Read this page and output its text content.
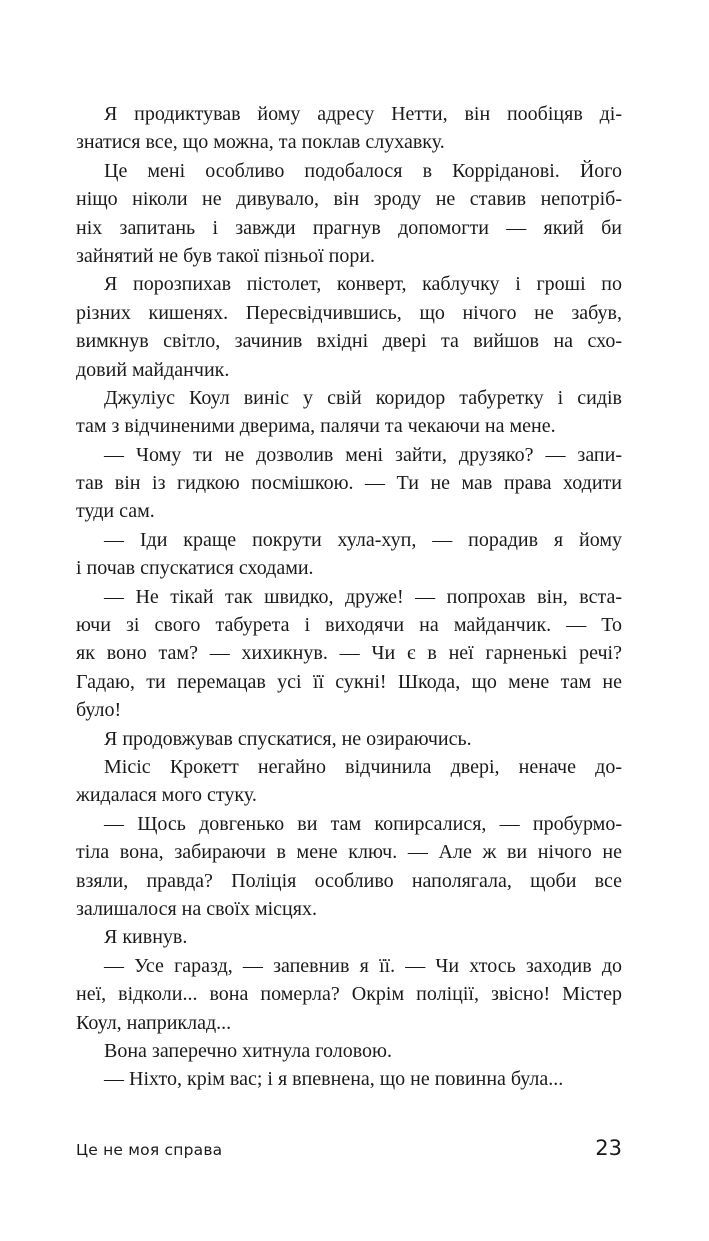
Я продиктував йому адресу Нетти, він пообіцяв ді-
знатися все, що можна, та поклав слухавку.
Це мені особливо подобалося в Корріданові. Його
ніщо ніколи не дивувало, він зроду не ставив непотріб-
ніх запитань і завжди прагнув допомогти — який би
зайнятий не був такої пізньої пори.
Я порозпихав пістолет, конверт, каблучку і гроші по
різних кишенях. Пересвідчившись, що нічого не забув,
вимкнув світло, зачинив вхідні двері та вийшов на схо-
довий майданчик.
Джуліус Коул виніс у свій коридор табуретку і сидів
там з відчиненими дверима, палячи та чекаючи на мене.
— Чому ти не дозволив мені зайти, друзяко? — запи-
тав він із гидкою посмішкою. — Ти не мав права ходити
туди сам.
— Іди краще покрути хула-хуп, — порадив я йому
і почав спускатися сходами.
— Не тікай так швидко, друже! — попрохав він, вста-
ючи зі свого табурета і виходячи на майданчик. — То
як воно там? — хихикнув. — Чи є в неї гарненькі речі?
Гадаю, ти перемацав усі її сукні! Шкода, що мене там не
було!
Я продовжував спускатися, не озираючись.
Місіс Крокетт негайно відчинила двері, неначе до-
жидалася мого стуку.
— Щось довгенько ви там копирсалися, — пробурмо-
тіла вона, забираючи в мене ключ. — Але ж ви нічого не
взяли, правда? Поліція особливо наполягала, щоби все
залишалося на своїх місцях.
Я кивнув.
— Усе гаразд, — запевнив я її. — Чи хтось заходив до
неї, відколи... вона померла? Окрім поліції, звісно! Містер
Коул, наприклад...
Вона заперечно хитнула головою.
— Ніхто, крім вас; і я впевнена, що не повинна була...
Це не моя справа	23
